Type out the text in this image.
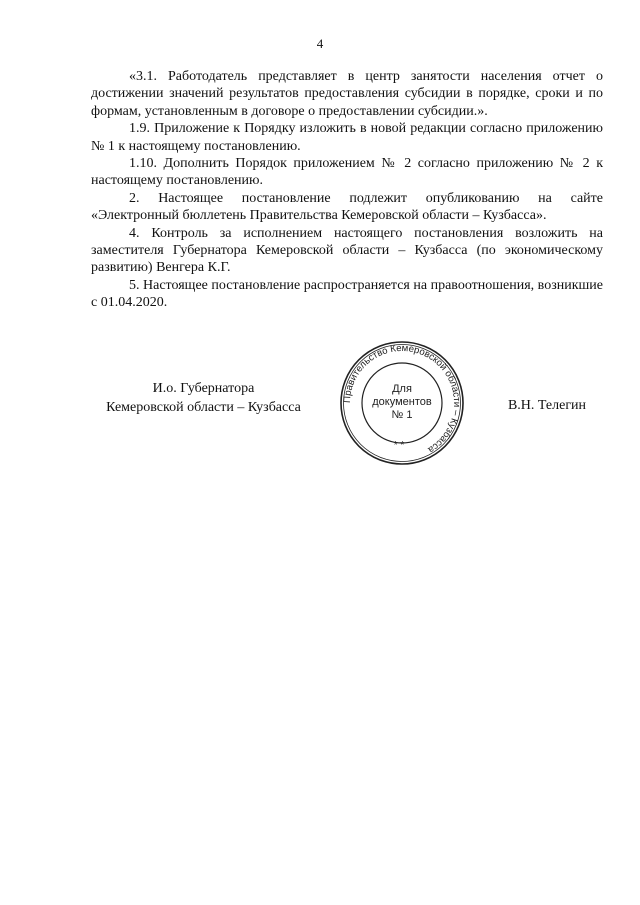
4

«3.1. Работодатель представляет в центр занятости населения отчет о достижении значений результатов предоставления субсидии в порядке, сроки и по формам, установленным в договоре о предоставлении субсидии.».

1.9. Приложение к Порядку изложить в новой редакции согласно приложению № 1 к настоящему постановлению.

1.10. Дополнить Порядок приложением № 2 согласно приложению № 2 к настоящему постановлению.

2. Настоящее постановление подлежит опубликованию на сайте «Электронный бюллетень Правительства Кемеровской области – Кузбасса».

4. Контроль за исполнением настоящего постановления возложить на заместителя Губернатора Кемеровской области – Кузбасса (по экономическому развитию) Венгера К.Г.

5. Настоящее постановление распространяется на правоотношения, возникшие с 01.04.2020.

И.о. Губернатора
Кемеровской области – Кузбасса	В.Н. Телегин
Правительство Кемеровской области – Кузбасса
* *
Для
документов
№ 1
